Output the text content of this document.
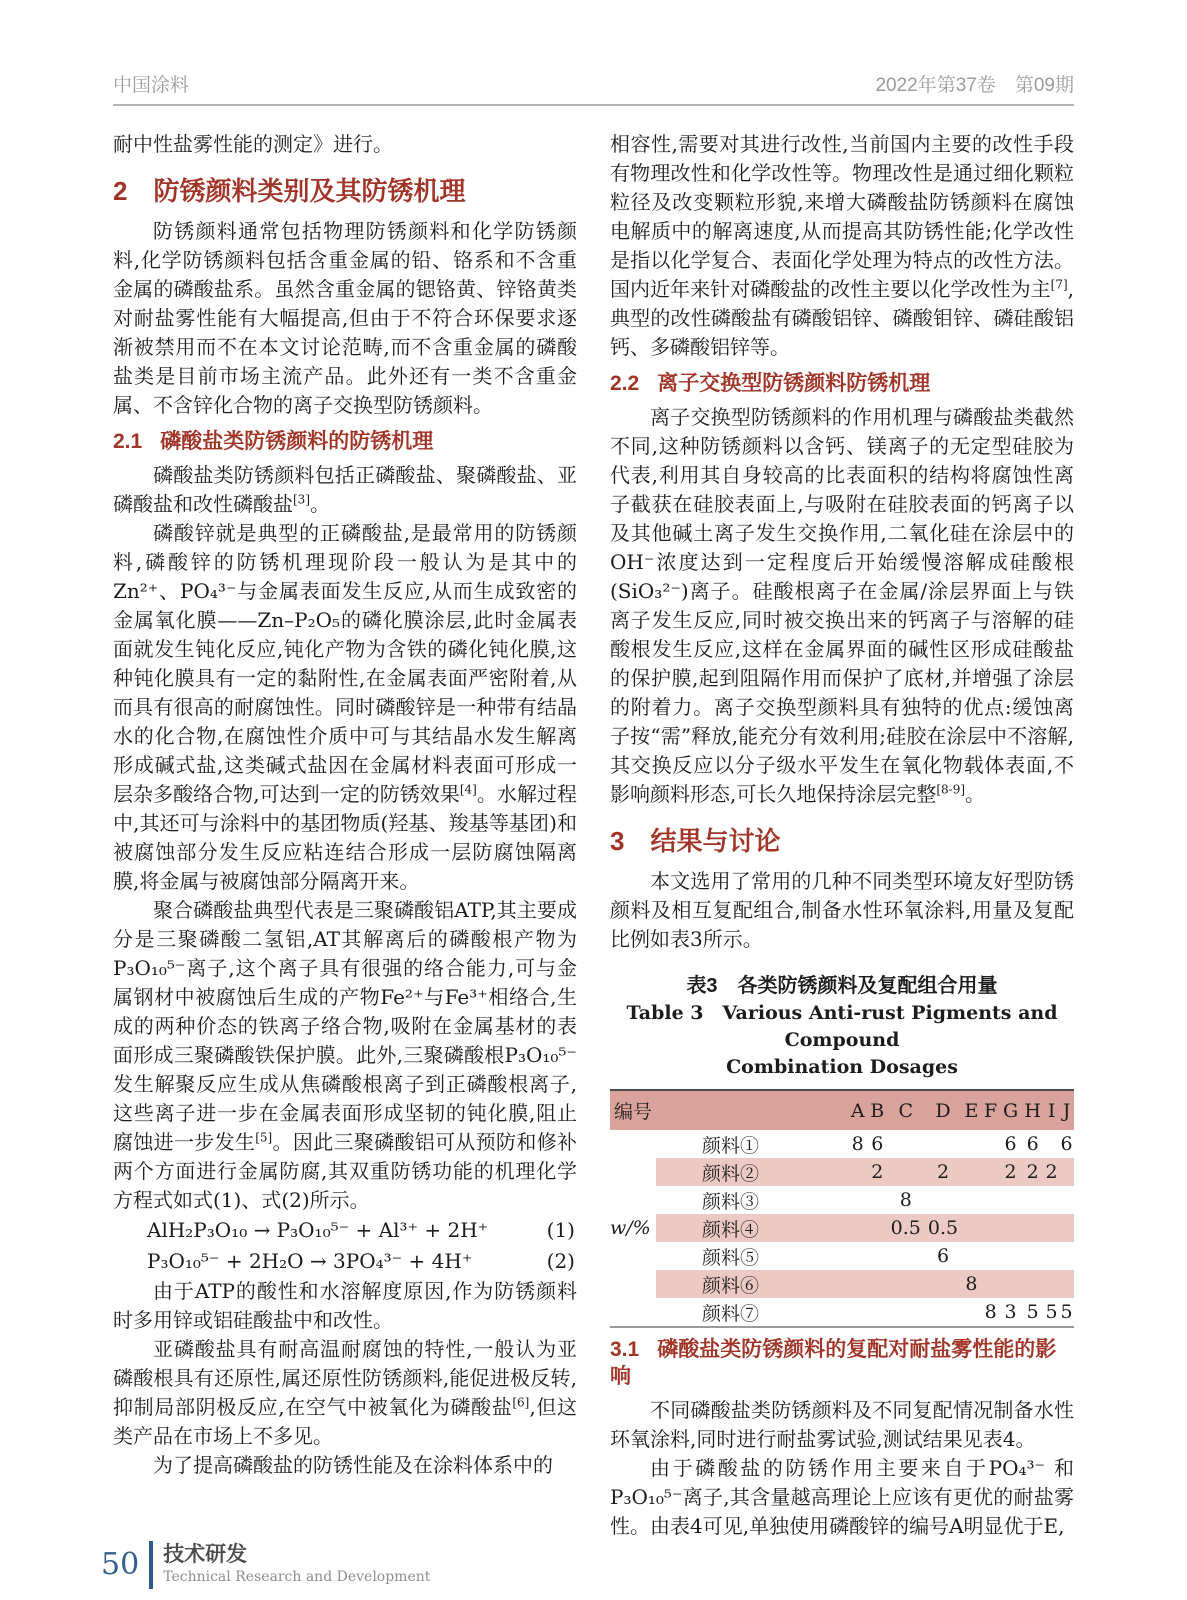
中国涂料	2022年第37卷　第09期

耐中性盐雾性能的测定》进行。

2 防锈颜料类别及其防锈机理

防锈颜料通常包括物理防锈颜料和化学防锈颜料,化学防锈颜料包括含重金属的铅、铬系和不含重金属的磷酸盐系。虽然含重金属的锶铬黄、锌铬黄类对耐盐雾性能有大幅提高,但由于不符合环保要求逐渐被禁用而不在本文讨论范畴,而不含重金属的磷酸盐类是目前市场主流产品。此外还有一类不含重金属、不含锌化合物的离子交换型防锈颜料。

2.1 磷酸盐类防锈颜料的防锈机理

磷酸盐类防锈颜料包括正磷酸盐、聚磷酸盐、亚磷酸盐和改性磷酸盐[3]。

磷酸锌就是典型的正磷酸盐,是最常用的防锈颜料,磷酸锌的防锈机理现阶段一般认为是其中的Zn²⁺、PO₄³⁻与金属表面发生反应,从而生成致密的金属氧化膜——Zn–P₂O₅的磷化膜涂层,此时金属表面就发生钝化反应,钝化产物为含铁的磷化钝化膜,这种钝化膜具有一定的黏附性,在金属表面严密附着,从而具有很高的耐腐蚀性。同时磷酸锌是一种带有结晶水的化合物,在腐蚀性介质中可与其结晶水发生解离形成碱式盐,这类碱式盐因在金属材料表面可形成一层杂多酸络合物,可达到一定的防锈效果[4]。水解过程中,其还可与涂料中的基团物质(羟基、羧基等基团)和被腐蚀部分发生反应粘连结合形成一层防腐蚀隔离膜,将金属与被腐蚀部分隔离开来。

聚合磷酸盐典型代表是三聚磷酸铝ATP,其主要成分是三聚磷酸二氢铝,AT其解离后的磷酸根产物为P₃O₁₀⁵⁻离子,这个离子具有很强的络合能力,可与金属钢材中被腐蚀后生成的产物Fe²⁺与Fe³⁺相络合,生成的两种价态的铁离子络合物,吸附在金属基材的表面形成三聚磷酸铁保护膜。此外,三聚磷酸根P₃O₁₀⁵⁻发生解聚反应生成从焦磷酸根离子到正磷酸根离子,这些离子进一步在金属表面形成坚韧的钝化膜,阻止腐蚀进一步发生[5]。因此三聚磷酸铝可从预防和修补两个方面进行金属防腐,其双重防锈功能的机理化学方程式如式(1)、式(2)所示。

AlH₂P₃O₁₀ → P₃O₁₀⁵⁻ + Al³⁺ + 2H⁺	(1)
P₃O₁₀⁵⁻ + 2H₂O → 3PO₄³⁻ + 4H⁺	(2)

由于ATP的酸性和水溶解度原因,作为防锈颜料时多用锌或铝硅酸盐中和改性。

亚磷酸盐具有耐高温耐腐蚀的特性,一般认为亚磷酸根具有还原性,属还原性防锈颜料,能促进极反转,抑制局部阴极反应,在空气中被氧化为磷酸盐[6],但这类产品在市场上不多见。

为了提高磷酸盐的防锈性能及在涂料体系中的

相容性,需要对其进行改性,当前国内主要的改性手段有物理改性和化学改性等。物理改性是通过细化颗粒粒径及改变颗粒形貌,来增大磷酸盐防锈颜料在腐蚀电解质中的解离速度,从而提高其防锈性能;化学改性是指以化学复合、表面化学处理为特点的改性方法。国内近年来针对磷酸盐的改性主要以化学改性为主[7],典型的改性磷酸盐有磷酸铝锌、磷酸钼锌、磷硅酸铝钙、多磷酸铝锌等。

2.2 离子交换型防锈颜料防锈机理

离子交换型防锈颜料的作用机理与磷酸盐类截然不同,这种防锈颜料以含钙、镁离子的无定型硅胶为代表,利用其自身较高的比表面积的结构将腐蚀性离子截获在硅胶表面上,与吸附在硅胶表面的钙离子以及其他碱土离子发生交换作用,二氧化硅在涂层中的OH⁻浓度达到一定程度后开始缓慢溶解成硅酸根(SiO₃²⁻)离子。硅酸根离子在金属/涂层界面上与铁离子发生反应,同时被交换出来的钙离子与溶解的硅酸根发生反应,这样在金属界面的碱性区形成硅酸盐的保护膜,起到阻隔作用而保护了底材,并增强了涂层的附着力。离子交换型颜料具有独特的优点:缓蚀离子按“需”释放,能充分有效利用;硅胶在涂层中不溶解,其交换反应以分子级水平发生在氧化物载体表面,不影响颜料形态,可长久地保持涂层完整[8-9]。

3 结果与讨论

本文选用了常用的几种不同类型环境友好型防锈颜料及相互复配组合,制备水性环氧涂料,用量及复配比例如表3所示。

表3　各类防锈颜料及复配组合用量
Table 3　Various Anti-rust Pigments and Compound
Combination Dosages
编号		A	B	C	D	E	F	G	H	I	J
	颜料①	8	6					6	6		6
	颜料②		2		2			2	2	2	
	颜料③			8							
w/%	颜料④			0.5	0.5						
	颜料⑤				6						
	颜料⑥					8					
	颜料⑦						8	3	5	5	5
3.1 磷酸盐类防锈颜料的复配对耐盐雾性能的影响

不同磷酸盐类防锈颜料及不同复配情况制备水性环氧涂料,同时进行耐盐雾试验,测试结果见表4。

由于磷酸盐的防锈作用主要来自于PO₄³⁻ 和P₃O₁₀⁵⁻离子,其含量越高理论上应该有更优的耐盐雾性。由表4可见,单独使用磷酸锌的编号A明显优于E,

50 技术研发
Technical Research and Development
